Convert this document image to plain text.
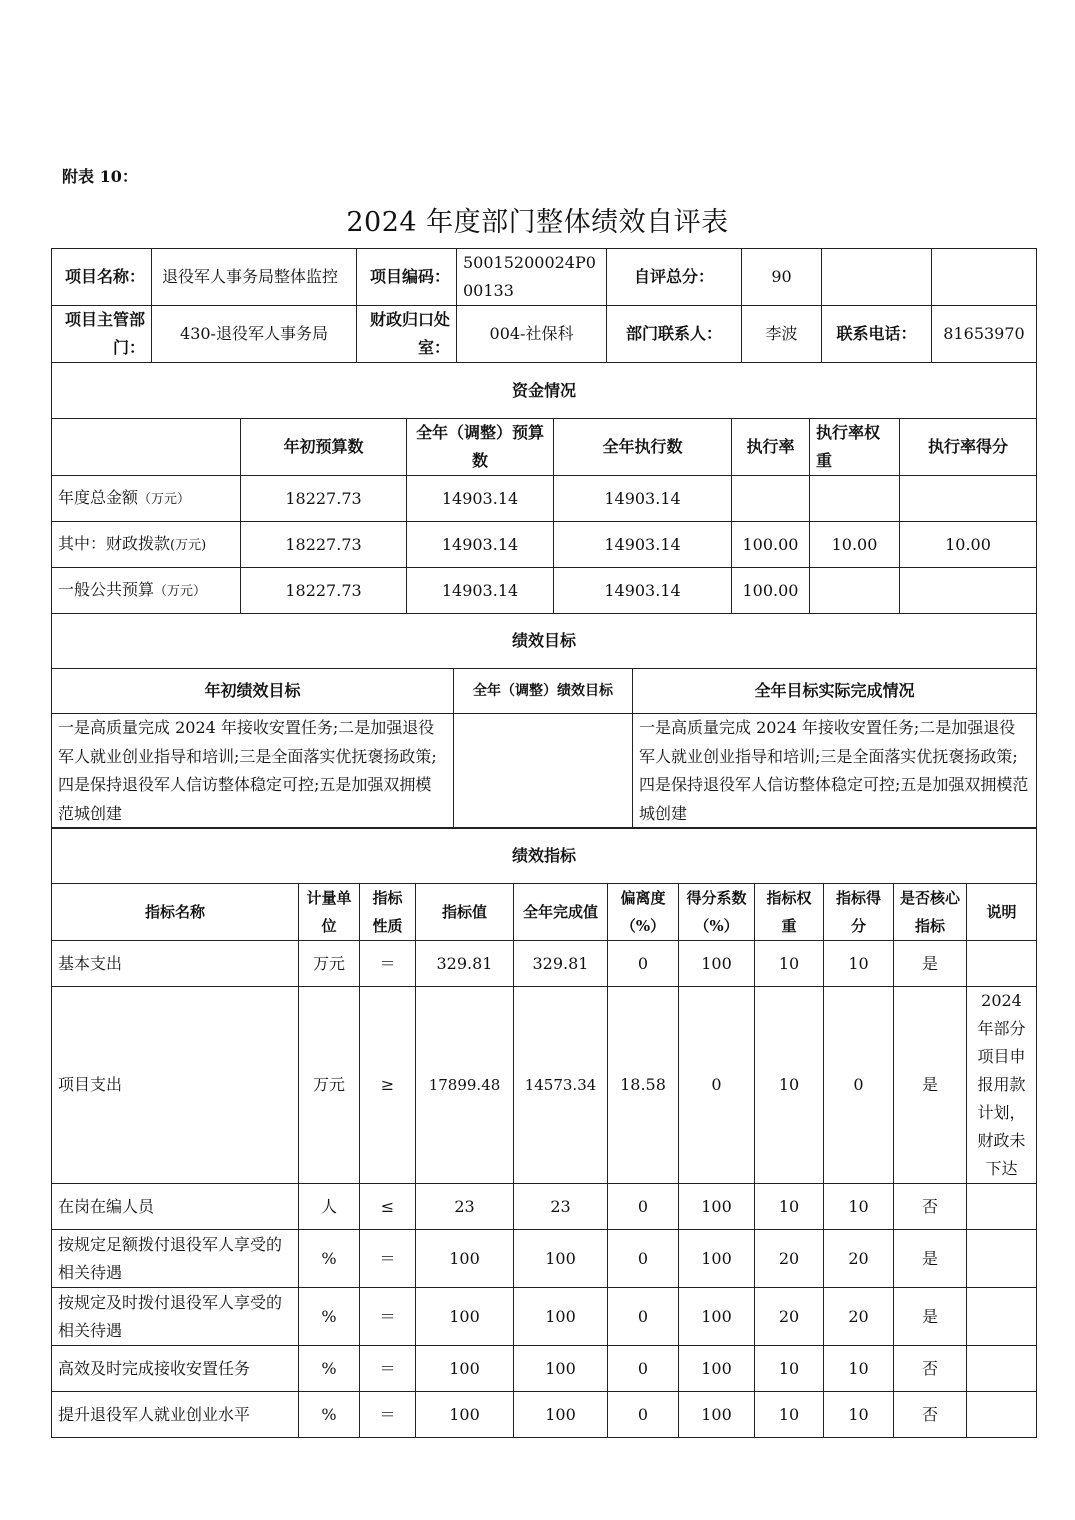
附表 10：
2024 年度部门整体绩效自评表
项目名称：	退役军人事务局整体监控	项目编码：	50015200024P000133	自评总分：	90		
项目主管部门：	430-退役军人事务局	财政归口处室：	004-社保科	部门联系人：	李波	联系电话：	81653970
资金情况						
	年初预算数	全年（调整）预算数	全年执行数	执行率	执行率权重	执行率得分
年度总金额（万元）	18227.73	14903.14	14903.14			
其中：财政拨款(万元)	18227.73	14903.14	14903.14	100.00	10.00	10.00
一般公共预算（万元）	18227.73	14903.14	14903.14	100.00		
绩效目标		
年初绩效目标	全年（调整）绩效目标	全年目标实际完成情况
一是高质量完成 2024 年接收安置任务;二是加强退役军人就业创业指导和培训;三是全面落实优抚褒扬政策;四是保持退役军人信访整体稳定可控;五是加强双拥模范城创建		一是高质量完成 2024 年接收安置任务;二是加强退役军人就业创业指导和培训;三是全面落实优抚褒扬政策;四是保持退役军人信访整体稳定可控;五是加强双拥模范城创建
绩效指标										
指标名称	计量单位	指标性质	指标值	全年完成值	偏离度（%）	得分系数（%）	指标权重	指标得分	是否核心指标	说明
基本支出	万元	＝	329.81	329.81	0	100	10	10	是	
项目支出	万元	≥	17899.48	14573.34	18.58	0	10	0	是	2024 年部分项目申报用款计划，财政未下达
在岗在编人员	人	≤	23	23	0	100	10	10	否	
按规定足额拨付退役军人享受的相关待遇	%	＝	100	100	0	100	20	20	是	
按规定及时拨付退役军人享受的相关待遇	%	＝	100	100	0	100	20	20	是	
高效及时完成接收安置任务	%	＝	100	100	0	100	10	10	否	
提升退役军人就业创业水平	%	＝	100	100	0	100	10	10	否	
